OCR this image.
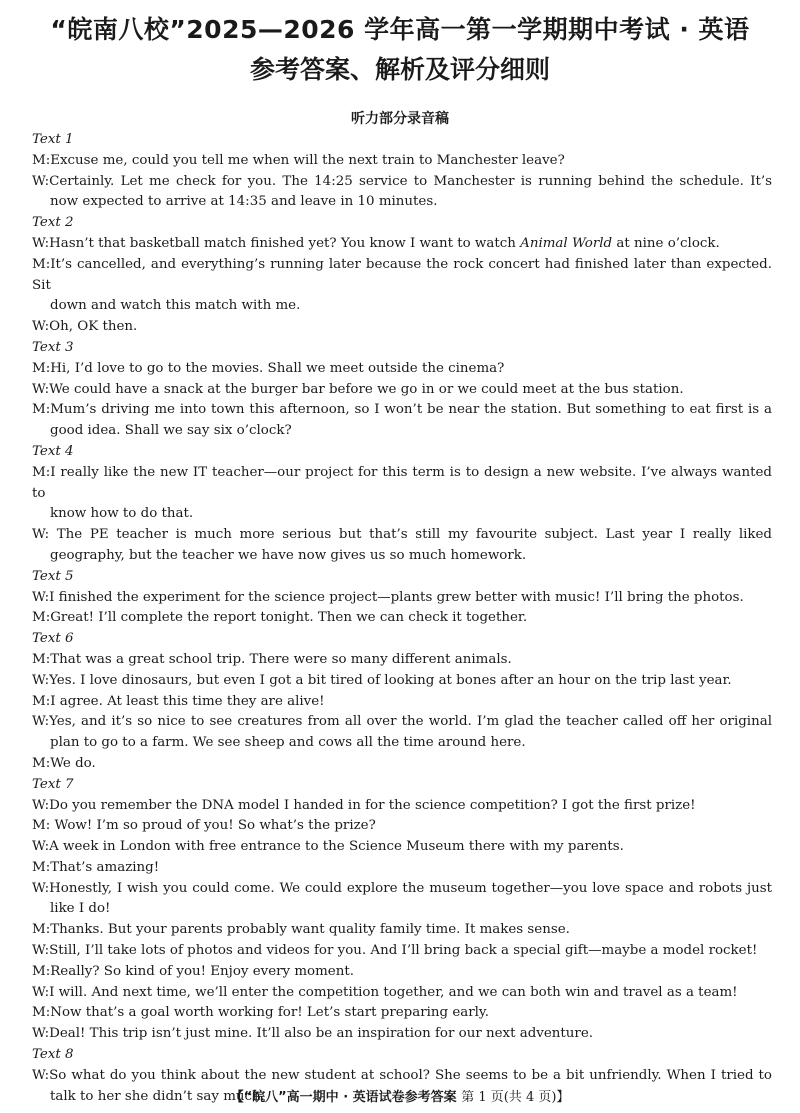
“皖南八校”2025—2026 学年高一第一学期期中考试 · 英语
参考答案、解析及评分细则
听力部分录音稿
Text 1
M:Excuse me, could you tell me when will the next train to Manchester leave?
W:Certainly. Let me check for you. The 14:25 service to Manchester is running behind the schedule. It’s
now expected to arrive at 14:35 and leave in 10 minutes.
Text 2
W:Hasn’t that basketball match finished yet? You know I want to watch Animal World at nine o’clock.
M:It’s cancelled, and everything’s running later because the rock concert had finished later than expected. Sit
down and watch this match with me.
W:Oh, OK then.
Text 3
M:Hi, I’d love to go to the movies. Shall we meet outside the cinema?
W:We could have a snack at the burger bar before we go in or we could meet at the bus station.
M:Mum’s driving me into town this afternoon, so I won’t be near the station. But something to eat first is a
good idea. Shall we say six o’clock?
Text 4
M:I really like the new IT teacher—our project for this term is to design a new website. I’ve always wanted to
know how to do that.
W: The PE teacher is much more serious but that’s still my favourite subject. Last year I really liked
geography, but the teacher we have now gives us so much homework.
Text 5
W:I finished the experiment for the science project—plants grew better with music! I’ll bring the photos.
M:Great! I’ll complete the report tonight. Then we can check it together.
Text 6
M:That was a great school trip. There were so many different animals.
W:Yes. I love dinosaurs, but even I got a bit tired of looking at bones after an hour on the trip last year.
M:I agree. At least this time they are alive!
W:Yes, and it’s so nice to see creatures from all over the world. I’m glad the teacher called off her original
plan to go to a farm. We see sheep and cows all the time around here.
M:We do.
Text 7
W:Do you remember the DNA model I handed in for the science competition? I got the first prize!
M: Wow! I’m so proud of you! So what’s the prize?
W:A week in London with free entrance to the Science Museum there with my parents.
M:That’s amazing!
W:Honestly, I wish you could come. We could explore the museum together—you love space and robots just
like I do!
M:Thanks. But your parents probably want quality family time. It makes sense.
W:Still, I’ll take lots of photos and videos for you. And I’ll bring back a special gift—maybe a model rocket!
M:Really? So kind of you! Enjoy every moment.
W:I will. And next time, we’ll enter the competition together, and we can both win and travel as a team!
M:Now that’s a goal worth working for! Let’s start preparing early.
W:Deal! This trip isn’t just mine. It’ll also be an inspiration for our next adventure.
Text 8
W:So what do you think about the new student at school? She seems to be a bit unfriendly. When I tried to
talk to her she didn’t say much.
【“皖八”高一期中 · 英语试卷参考答案 第 1 页(共 4 页)】
